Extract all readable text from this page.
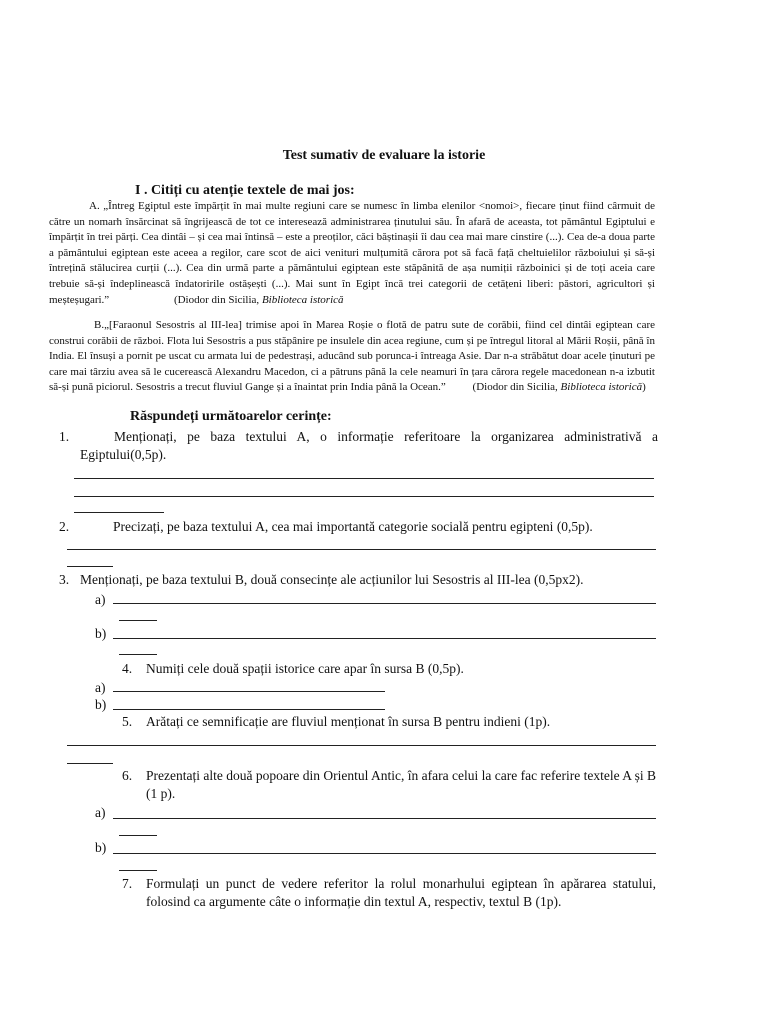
Test sumativ de evaluare la istorie
I . Citiți cu atenție textele de mai jos:
A. „Întreg Egiptul este împărțit în mai multe regiuni care se numesc în limba elenilor <nomoi>, fiecare ținut fiind cârmuit de către un nomarh însărcinat să îngrijească de tot ce interesează administrarea ținutului său. În afară de aceasta, tot pământul Egiptului e împărțit în trei părți. Cea dintâi – și cea mai întinsă – este a preoților, căci băștinașii îi dau cea mai mare cinstire (...). Cea de-a doua parte a pământului egiptean este aceea a regilor, care scot de aici venituri mulțumită cărora pot să facă față cheltuielilor războiului și să-și întrețină stălucirea curții (...). Cea din urmă parte a pământului egiptean este stăpânită de așa numiții războinici și de toți aceia care trebuie să-și îndeplinească îndatoririle ostășești (...). Mai sunt în Egipt încă trei categorii de cetățeni liberi: păstori, agricultori și meșteșugari.”	(Diodor din Sicilia, Biblioteca istorică
B.„[Faraonul Sesostris al III-lea] trimise apoi în Marea Roșie o flotă de patru sute de corăbii, fiind cel dintâi egiptean care construi corăbii de război. Flota lui Sesostris a pus stăpânire pe insulele din acea regiune, cum și pe întregul litoral al Mării Roșii, până în India. El însuși a pornit pe uscat cu armata lui de pedestrași, aducând sub porunca-i întreaga Asie. Dar n-a străbătut doar acele ținuturi pe care mai târziu avea să le cucerească Alexandru Macedon, ci a pătruns până la cele neamuri în țara cărora regele macedonean n-a izbutit să-și pună piciorul. Sesostris a trecut fluviul Gange și a înaintat prin India până la Ocean.” (Diodor din Sicilia, Biblioteca istorică)
Răspundeți următoarelor cerințe:
1.	Menționați, pe baza textului A, o informație referitoare la organizarea administrativă a Egiptului(0,5p).
2.	Precizați, pe baza textului A, cea mai importantă categorie socială pentru egipteni (0,5p).
3. Menționați, pe baza textului B, două consecințe ale acțiunilor lui Sesostris al III-lea (0,5px2).
a)
b)
4. Numiți cele două spații istorice care apar în sursa B (0,5p).
a)
b)
5. Arătați ce semnificație are fluviul menționat în sursa B pentru indieni (1p).
6. Prezentați alte două popoare din Orientul Antic, în afara celui la care fac referire textele A și B (1 p).
a)
b)
7. Formulați un punct de vedere referitor la rolul monarhului egiptean în apărarea statului, folosind ca argumente câte o informație din textul A, respectiv, textul B (1p).
